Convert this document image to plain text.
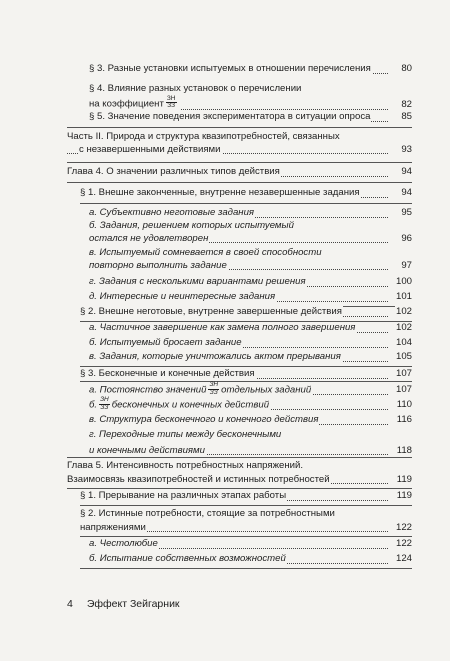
§ 3. Разные установки испытуемых в отношении перечисления	80
§ 4. Влияние разных установок о перечислении
на коэффициент $\frac{ЗН}{ЗЗ}$	82
§ 5. Значение поведения экспериментатора в ситуации опроса	85
Часть II. Природа и структура квазипотребностей, связанных
с незавершенными действиями	93
Глава 4. О значении различных типов действия	94
§ 1. Внешне законченные, внутренне незавершенные задания	94
а. Субъективно неготовые задания	95
б. Задания, решением которых испытуемый
остался не удовлетворен	96
в. Испытуемый сомневается в своей способности
повторно выполнить задание	97
г. Задания с несколькими вариантами решения	100
д. Интересные и неинтересные задания	101
§ 2. Внешне неготовые, внутренне завершенные действия	102
а. Частичное завершение как замена полного завершения	102
б. Испытуемый бросает задание	104
в. Задания, которые уничтожались актом прерывания	105
§ 3. Бесконечные и конечные действия	107
а. Постоянство значений $\frac{ЗН}{ЗЗ}$ отдельных заданий	107
б. $\frac{ЗН}{ЗЗ}$ бесконечных и конечных действий	110
в. Структура бесконечного и конечного действия	116
г. Переходные типы между бесконечными
и конечными действиями	118
Глава 5. Интенсивность потребностных напряжений.
Взаимосвязь квазипотребностей и истинных потребностей	119
§ 1. Прерывание на различных этапах работы	119
§ 2. Истинные потребности, стоящие за потребностными
напряжениями	122
а. Честолюбие	122
б. Испытание собственных возможностей	124
4 Эффект Зейгарник
